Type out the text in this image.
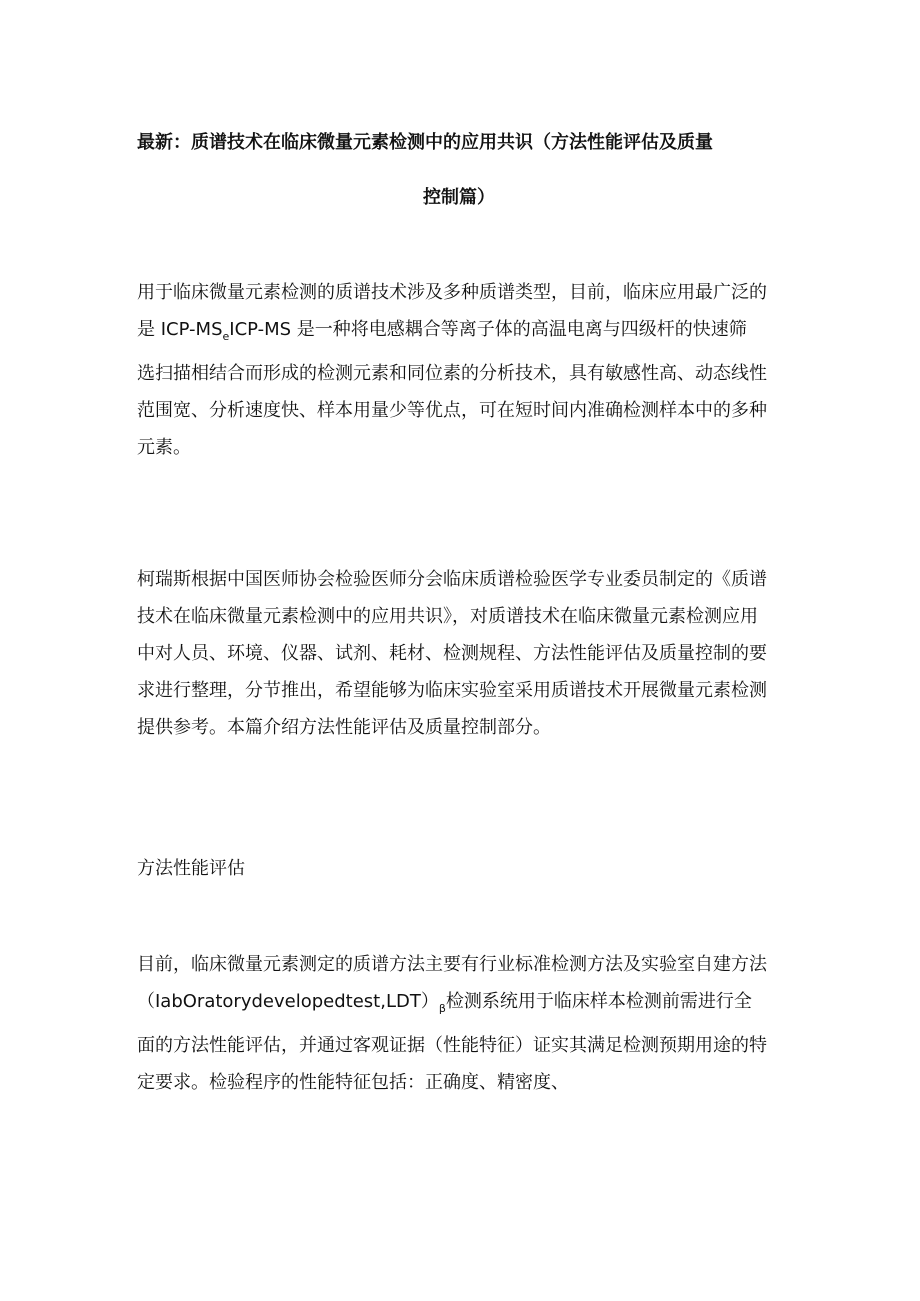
最新：质谱技术在临床微量元素检测中的应用共识（方法性能评估及质量
控制篇）
用于临床微量元素检测的质谱技术涉及多种质谱类型，目前，临床应用最广泛的
是 ICP-$MS_eICP-MS$ 是一种将电感耦合等离子体的高温电离与四级杆的快速筛
选扫描相结合而形成的检测元素和同位素的分析技术，具有敏感性高、动态线性
范围宽、分析速度快、样本用量少等优点，可在短时间内准确检测样本中的多种
元素。
柯瑞斯根据中国医师协会检验医师分会临床质谱检验医学专业委员制定的《质谱
技术在临床微量元素检测中的应用共识》，对质谱技术在临床微量元素检测应用
中对人员、环境、仪器、试剂、耗材、检测规程、方法性能评估及质量控制的要
求进行整理，分节推出，希望能够为临床实验室采用质谱技术开展微量元素检测
提供参考。本篇介绍方法性能评估及质量控制部分。
方法性能评估
目前，临床微量元素测定的质谱方法主要有行业标准检测方法及实验室自建方法
$(IabOratorydevelopedtest,LDT)_\beta$检测系统用于临床样本检测前需进行全
面的方法性能评估，并通过客观证据（性能特征）证实其满足检测预期用途的特
定要求。检验程序的性能特征包括：正确度、精密度、
